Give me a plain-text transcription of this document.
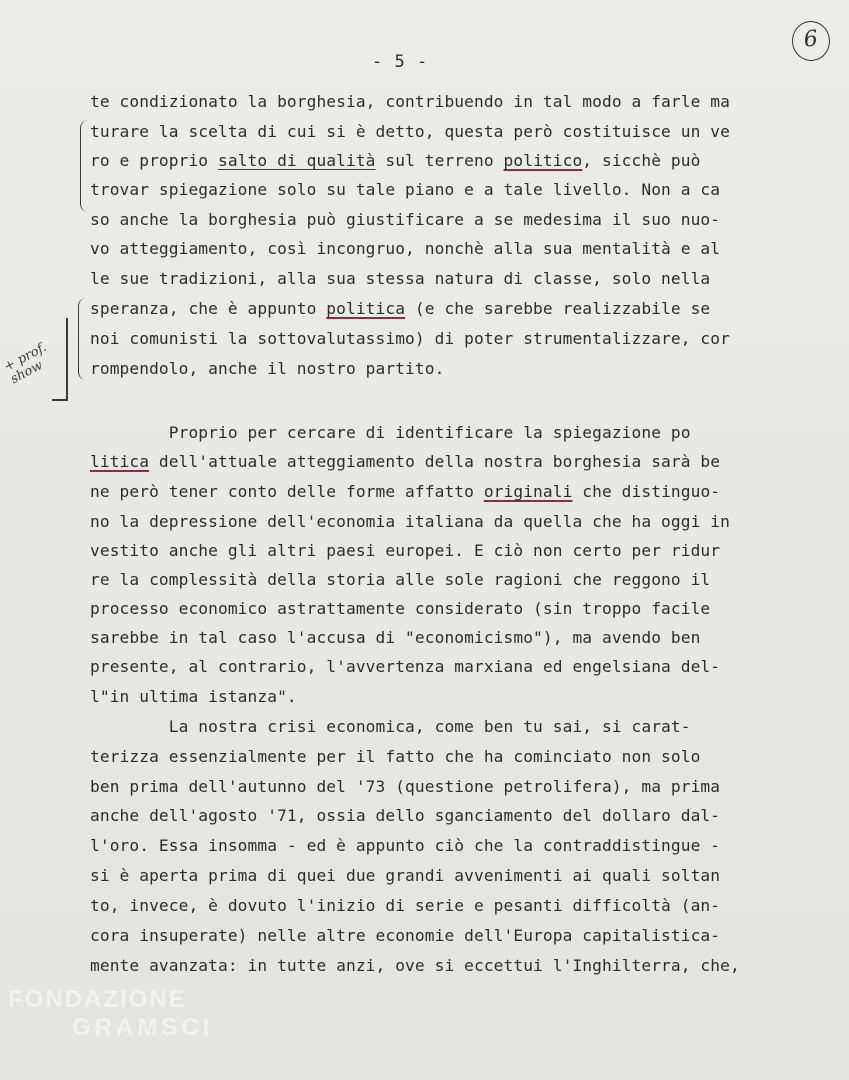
- 5 -
6
+ prof.
show
te condizionato la borghesia, contribuendo in tal modo a farle ma
turare la scelta di cui si è detto, questa però costituisce un ve
ro e proprio salto di qualità sul terreno politico, sicchè può
trovar spiegazione solo su tale piano e a tale livello. Non a ca
so anche la borghesia può giustificare a se medesima il suo nuo-
vo atteggiamento, così incongruo, nonchè alla sua mentalità e al
le sue tradizioni, alla sua stessa natura di classe, solo nella
speranza, che è appunto politica (e che sarebbe realizzabile se
noi comunisti la sottovalutassimo) di poter strumentalizzare, cor
rompendolo, anche il nostro partito.
Proprio per cercare di identificare la spiegazione po
litica dell'attuale atteggiamento della nostra borghesia sarà be
ne però tener conto delle forme affatto originali che distinguo-
no la depressione dell'economia italiana da quella che ha oggi in
vestito anche gli altri paesi europei. E ciò non certo per ridur
re la complessità della storia alle sole ragioni che reggono il
processo economico astrattamente considerato (sin troppo facile
sarebbe in tal caso l'accusa di "economicismo"), ma avendo ben
presente, al contrario, l'avvertenza marxiana ed engelsiana del-
l"in ultima istanza".
La nostra crisi economica, come ben tu sai, si carat-
terizza essenzialmente per il fatto che ha cominciato non solo
ben prima dell'autunno del '73 (questione petrolifera), ma prima
anche dell'agosto '71, ossia dello sganciamento del dollaro dal-
l'oro. Essa insomma - ed è appunto ciò che la contraddistingue -
si è aperta prima di quei due grandi avvenimenti ai quali soltan
to, invece, è dovuto l'inizio di serie e pesanti difficoltà (an-
cora insuperate) nelle altre economie dell'Europa capitalistica-
mente avanzata: in tutte anzi, ove si eccettui l'Inghilterra, che,
FONDAZIONE
GRAMSCI
